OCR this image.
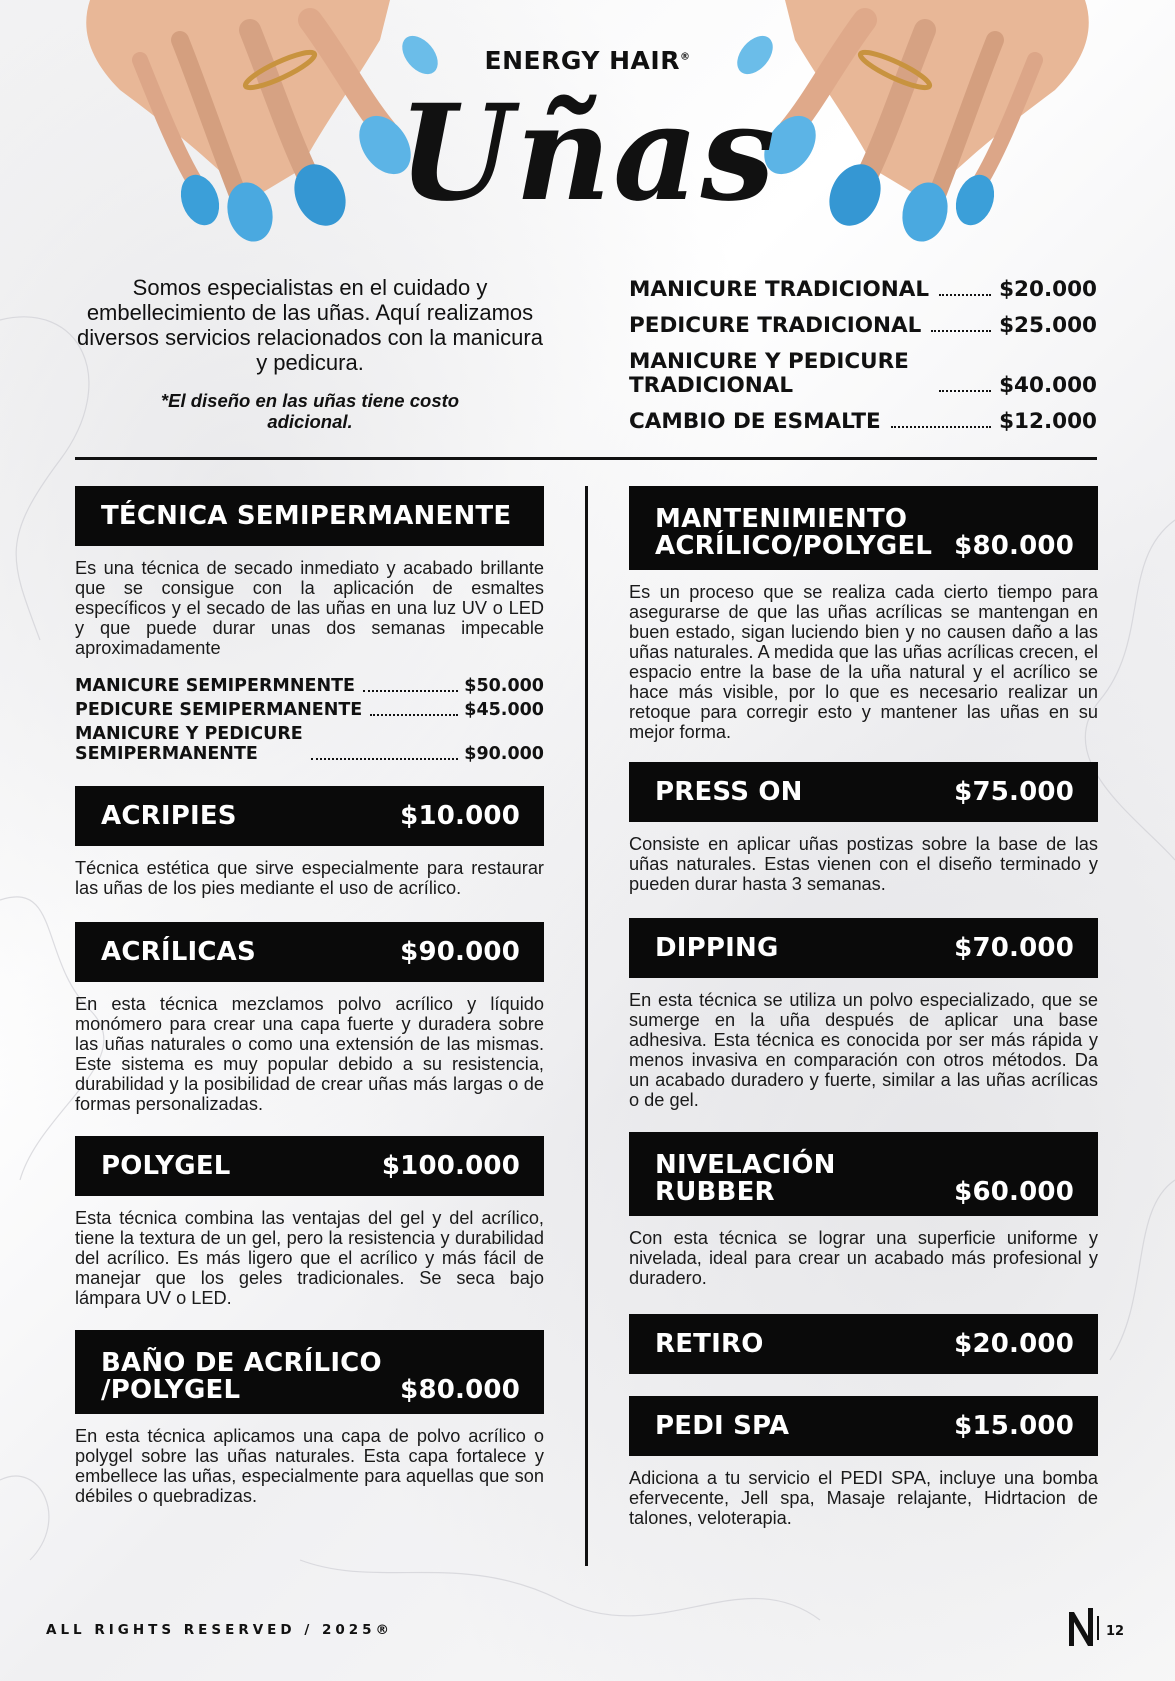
ENERGY HAIR®
Uñas

Somos especialistas en el cuidado y embellecimiento de las uñas. Aquí realizamos diversos servicios relacionados con la manicura y pedicura.

*El diseño en las uñas tiene costo adicional.

MANICURE TRADICIONAL	$20.000
PEDICURE TRADICIONAL	$25.000
MANICURE Y PEDICURE TRADICIONAL	$40.000
CAMBIO DE ESMALTE	$12.000
TÉCNICA SEMIPERMANENTE

Es una técnica de secado inmediato y acabado brillante que se consigue con la aplicación de esmaltes específicos y el secado de las uñas en una luz UV o LED y que puede durar unas dos semanas impecable aproximadamente

MANICURE SEMIPERMNENTE	$50.000
PEDICURE SEMIPERMANENTE	$45.000
MANICURE Y PEDICURE
SEMIPERMANENTE	$90.000
ACRIPIES	$10.000

Técnica estética que sirve especialmente para restaurar las uñas de los pies mediante el uso de acrílico.

ACRÍLICAS	$90.000

En esta técnica mezclamos polvo acrílico y líquido monómero para crear una capa fuerte y duradera sobre las uñas naturales o como una extensión de las mismas. Este sistema es muy popular debido a su resistencia, durabilidad y la posibilidad de crear uñas más largas o de formas personalizadas.

POLYGEL	$100.000

Esta técnica combina las ventajas del gel y del acrílico, tiene la textura de un gel, pero la resistencia y durabilidad del acrílico. Es más ligero que el acrílico y más fácil de manejar que los geles tradicionales. Se seca bajo lámpara UV o LED.

BAÑO DE ACRÍLICO
/POLYGEL	$80.000

En esta técnica aplicamos una capa de polvo acrílico o polygel sobre las uñas naturales. Esta capa fortalece y embellece las uñas, especialmente para aquellas que son débiles o quebradizas.

MANTENIMIENTO
ACRÍLICO/POLYGEL $80.000

Es un proceso que se realiza cada cierto tiempo para asegurarse de que las uñas acrílicas se mantengan en buen estado, sigan luciendo bien y no causen daño a las uñas naturales. A medida que las uñas acrílicas crecen, el espacio entre la base de la uña natural y el acrílico se hace más visible, por lo que es necesario realizar un retoque para corregir esto y mantener las uñas en su mejor forma.

PRESS ON	$75.000

Consiste en aplicar uñas postizas sobre la base de las uñas naturales. Estas vienen con el diseño terminado y pueden durar hasta 3 semanas.

DIPPING	$70.000

En esta técnica se utiliza un polvo especializado, que se sumerge en la uña después de aplicar una base adhesiva. Esta técnica es conocida por ser más rápida y menos invasiva en comparación con otros métodos. Da un acabado duradero y fuerte, similar a las uñas acrílicas o de gel.

NIVELACIÓN
RUBBER	$60.000

Con esta técnica se lograr una superficie uniforme y nivelada, ideal para crear un acabado más profesional y duradero.

RETIRO	$20.000
PEDI SPA	$15.000

Adiciona a tu servicio el PEDI SPA, incluye una bomba efervecente, Jell spa, Masaje relajante, Hidrtacion de talones, veloterapia.

ALL RIGHTS RESERVED / 2025®	12
